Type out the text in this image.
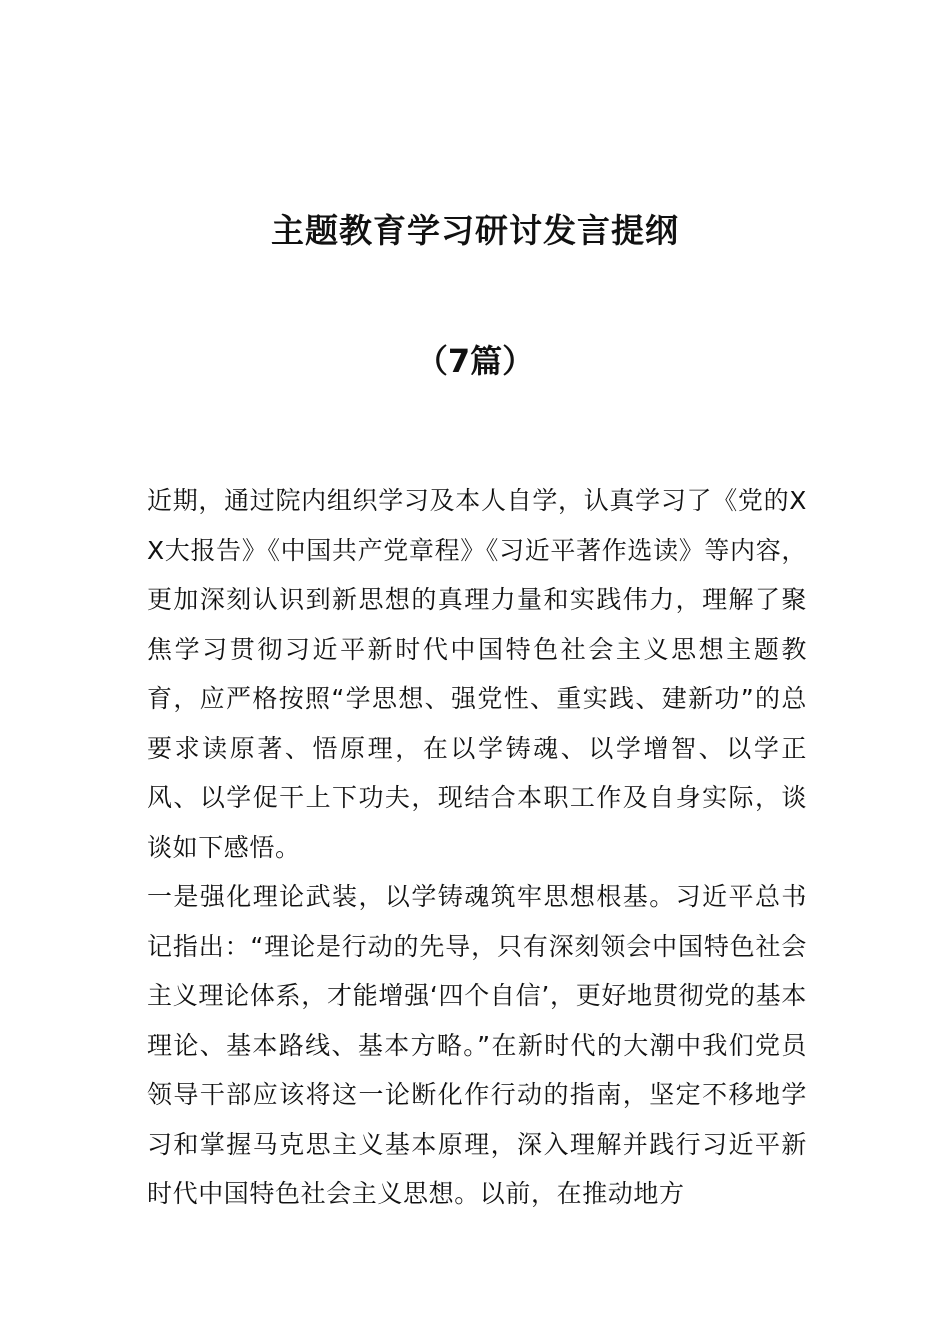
主题教育学习研讨发言提纲
（7篇）

近期，通过院内组织学习及本人自学，认真学习了《党的XX大报告》《中国共产党章程》《习近平著作选读》等内容，更加深刻认识到新思想的真理力量和实践伟力，理解了聚焦学习贯彻习近平新时代中国特色社会主义思想主题教育，应严格按照“学思想、强党性、重实践、建新功”的总要求读原著、悟原理，在以学铸魂、以学增智、以学正风、以学促干上下功夫，现结合本职工作及自身实际，谈谈如下感悟。

一是强化理论武装，以学铸魂筑牢思想根基。习近平总书记指出：“理论是行动的先导，只有深刻领会中国特色社会主义理论体系，才能增强‘四个自信’，更好地贯彻党的基本理论、基本路线、基本方略。”在新时代的大潮中我们党员领导干部应该将这一论断化作行动的指南，坚定不移地学习和掌握马克思主义基本原理，深入理解并践行习近平新时代中国特色社会主义思想。以前，在推动地方
